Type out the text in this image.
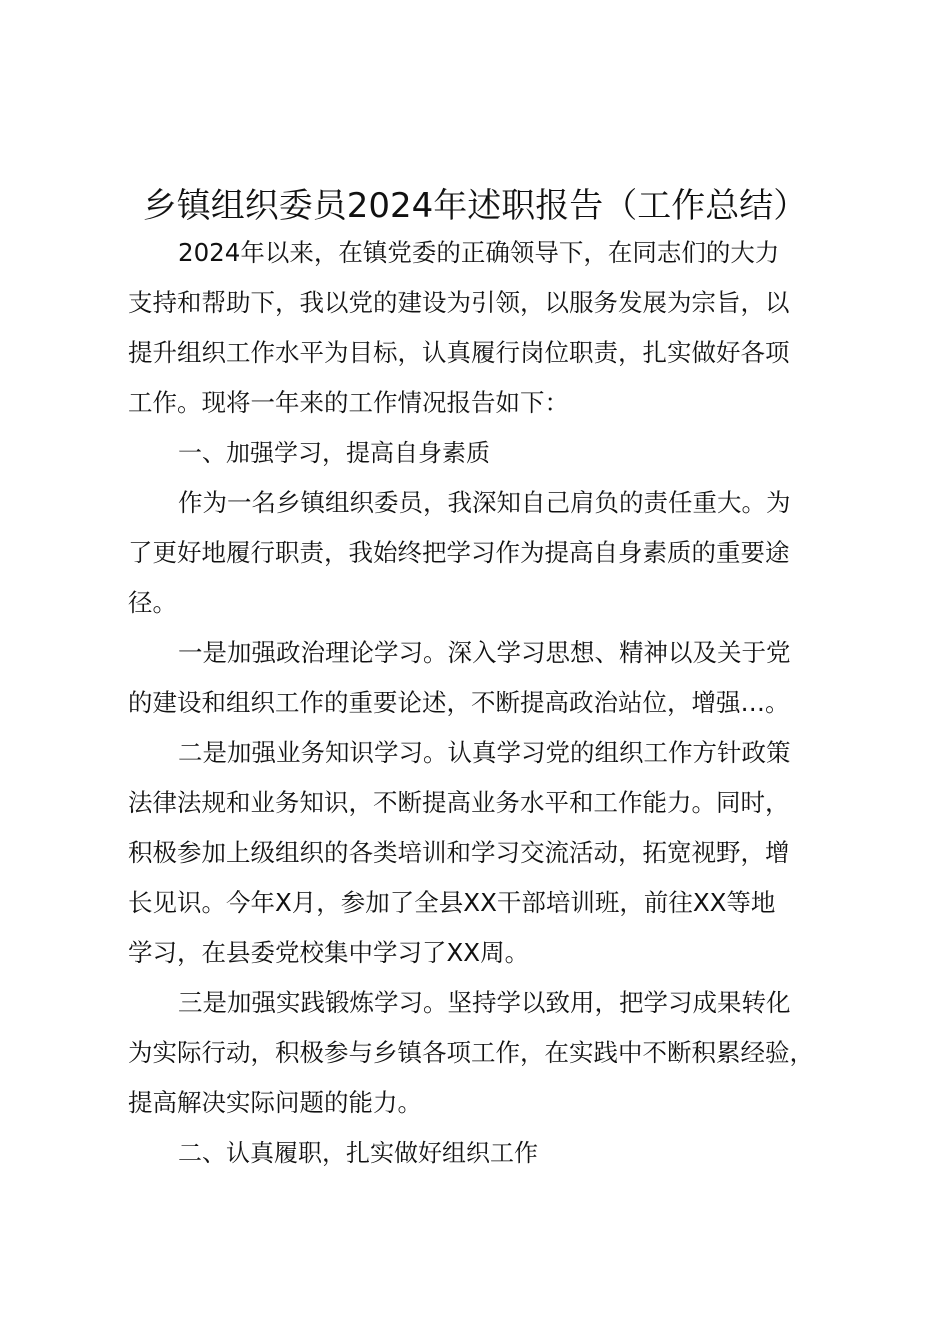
乡镇组织委员2024年述职报告（工作总结）
2024年以来，在镇党委的正确领导下，在同志们的大力
支持和帮助下，我以党的建设为引领，以服务发展为宗旨，以
提升组织工作水平为目标，认真履行岗位职责，扎实做好各项
工作。现将一年来的工作情况报告如下：
一、加强学习，提高自身素质
作为一名乡镇组织委员，我深知自己肩负的责任重大。为
了更好地履行职责，我始终把学习作为提高自身素质的重要途
径。
一是加强政治理论学习。深入学习思想、精神以及关于党
的建设和组织工作的重要论述，不断提高政治站位，增强…。
二是加强业务知识学习。认真学习党的组织工作方针政策
法律法规和业务知识，不断提高业务水平和工作能力。同时，
积极参加上级组织的各类培训和学习交流活动，拓宽视野，增
长见识。今年X月，参加了全县XX干部培训班，前往XX等地
学习，在县委党校集中学习了XX周。
三是加强实践锻炼学习。坚持学以致用，把学习成果转化
为实际行动，积极参与乡镇各项工作，在实践中不断积累经验，
提高解决实际问题的能力。
二、认真履职，扎实做好组织工作
